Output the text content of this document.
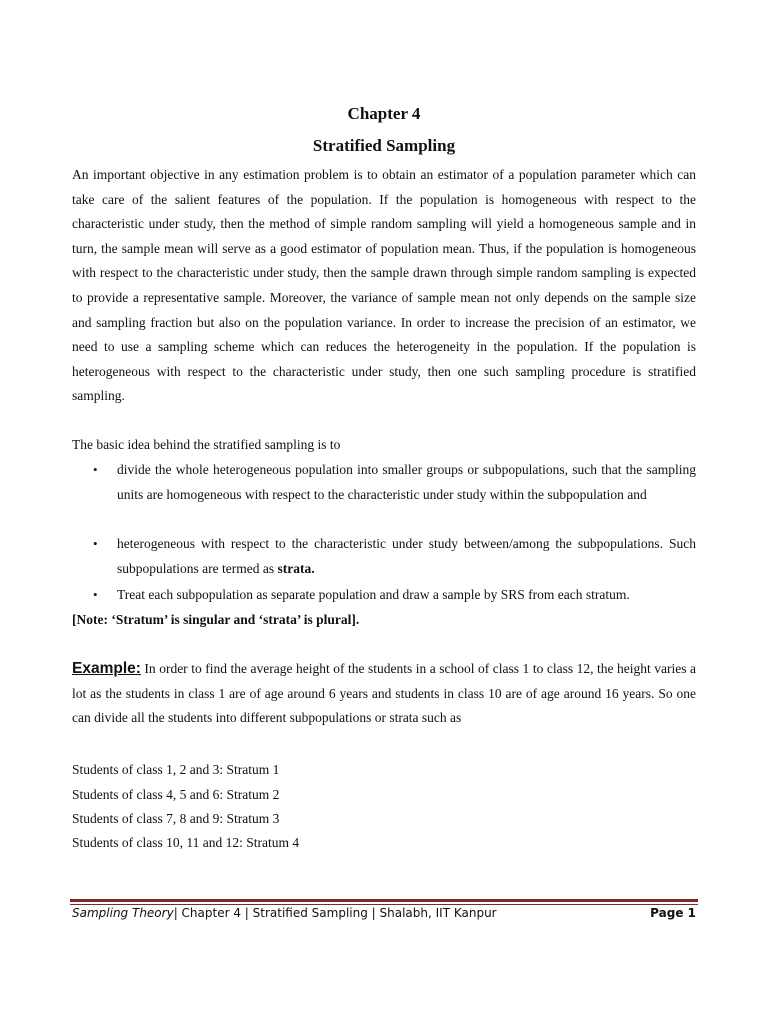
Chapter 4
Stratified Sampling
An important objective in any estimation problem is to obtain an estimator of a population parameter which can take care of the salient features of the population. If the population is homogeneous with respect to the characteristic under study, then the method of simple random sampling will yield a homogeneous sample and in turn, the sample mean will serve as a good estimator of population mean. Thus, if the population is homogeneous with respect to the characteristic under study, then the sample drawn through simple random sampling is expected to provide a representative sample. Moreover, the variance of sample mean not only depends on the sample size and sampling fraction but also on the population variance. In order to increase the precision of an estimator, we need to use a sampling scheme which can reduces the heterogeneity in the population. If the population is heterogeneous with respect to the characteristic under study, then one such sampling procedure is stratified sampling.
The basic idea behind the stratified sampling is to
• divide the whole heterogeneous population into smaller groups or subpopulations, such that the sampling units are homogeneous with respect to the characteristic under study within the subpopulation and
• heterogeneous with respect to the characteristic under study between/among the subpopulations. Such subpopulations are termed as strata.
• Treat each subpopulation as separate population and draw a sample by SRS from each stratum.
[Note: ‘Stratum’ is singular and ‘strata’ is plural].
Example: In order to find the average height of the students in a school of class 1 to class 12, the height varies a lot as the students in class 1 are of age around 6 years and students in class 10 are of age around 16 years. So one can divide all the students into different subpopulations or strata such as
Students of class 1, 2 and 3: Stratum 1
Students of class 4, 5 and 6: Stratum 2
Students of class 7, 8 and 9: Stratum 3
Students of class 10, 11 and 12: Stratum 4
Sampling Theory| Chapter 4 | Stratified Sampling | Shalabh, IIT Kanpur	Page 1
